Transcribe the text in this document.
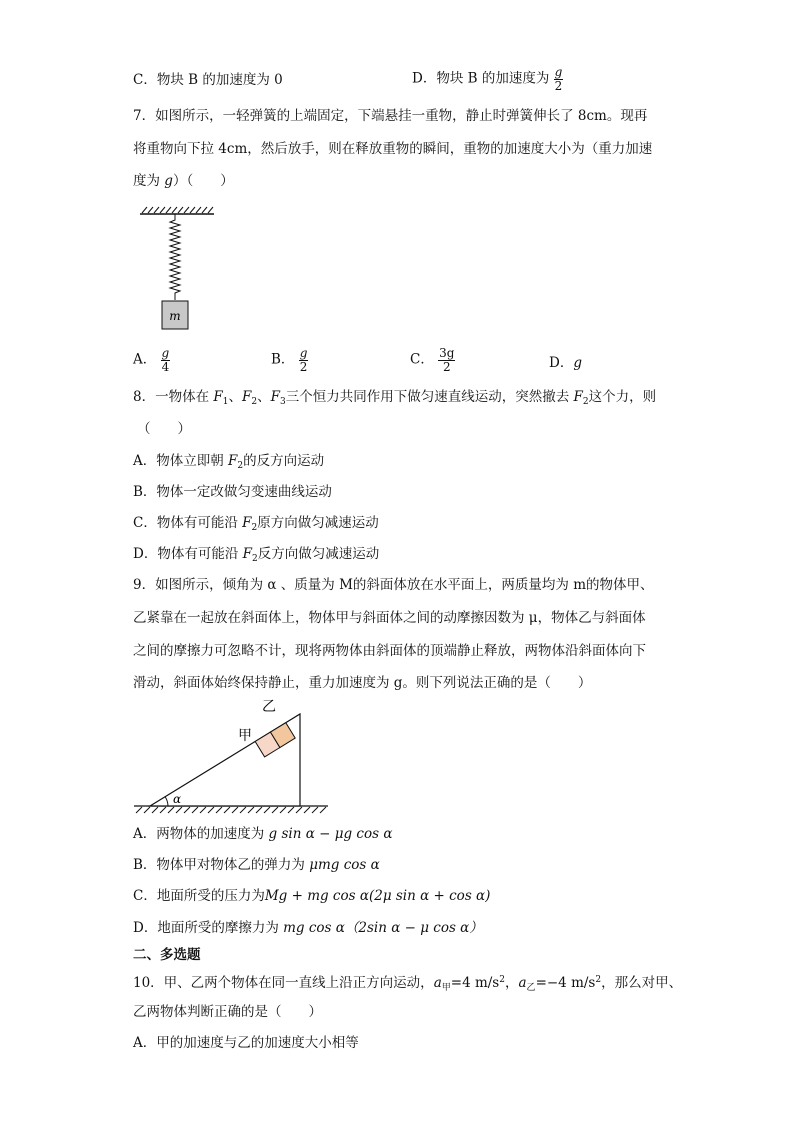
C．物块 B 的加速度为 0	D．物块 B 的加速度为 $\frac{g}{2}$
7．如图所示，一轻弹簧的上端固定，下端悬挂一重物，静止时弹簧伸长了 8cm。现再
将重物向下拉 4cm，然后放手，则在释放重物的瞬间，重物的加速度大小为（重力加速
度为 g）（　　）
m
A． $\frac{g}{4}$	B． $\frac{g}{2}$	C． $\frac{3g}{2}$	D．g
8．一物体在 $F_1$、$F_2$、$F_3$三个恒力共同作用下做匀速直线运动，突然撤去 $F_2$这个力，则
（　　）
A．物体立即朝 $F_2$的反方向运动
B．物体一定改做匀变速曲线运动
C．物体有可能沿 $F_2$原方向做匀减速运动
D．物体有可能沿 $F_2$反方向做匀减速运动
9．如图所示，倾角为 α 、质量为 M的斜面体放在水平面上，两质量均为 m的物体甲、
乙紧靠在一起放在斜面体上，物体甲与斜面体之间的动摩擦因数为 μ，物体乙与斜面体
之间的摩擦力可忽略不计，现将两物体由斜面体的顶端静止释放，两物体沿斜面体向下
滑动，斜面体始终保持静止，重力加速度为 g。则下列说法正确的是（　　）
α
甲
乙
A．两物体的加速度为 g sin α − μg cos α
B．物体甲对物体乙的弹力为 μmg cos α
C．地面所受的压力为Mg + mg cos α(2μ sin α + cos α)
D．地面所受的摩擦力为 mg cos α（2sin α − μ cos α）
二、多选题
10．甲、乙两个物体在同一直线上沿正方向运动，$a_甲=4$ $m/s^2$，$a_乙=-4$ $m/s^2$，那么对甲、
乙两物体判断正确的是（　　）
A．甲的加速度与乙的加速度大小相等
